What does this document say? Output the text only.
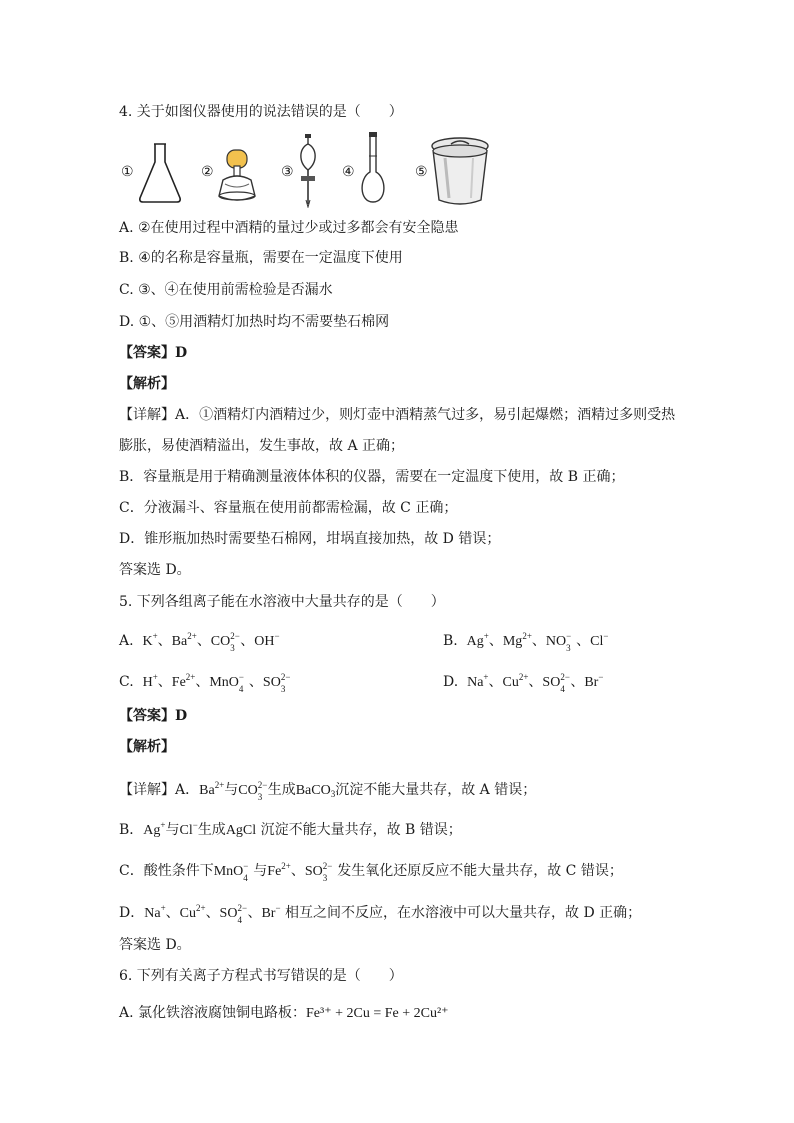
4. 关于如图仪器使用的说法错误的是（　　）
①	②	③	④	⑤
A. ②在使用过程中酒精的量过少或过多都会有安全隐患
B. ④的名称是容量瓶，需要在一定温度下使用
C. ③、④在使用前需检验是否漏水
D. ①、⑤用酒精灯加热时均不需要垫石棉网
【答案】D
【解析】
【详解】A．①酒精灯内酒精过少，则灯壶中酒精蒸气过多，易引起爆燃；酒精过多则受热
膨胀，易使酒精溢出，发生事故，故 A 正确；
B．容量瓶是用于精确测量液体体积的仪器，需要在一定温度下使用，故 B 正确；
C．分液漏斗、容量瓶在使用前都需检漏，故 C 正确；
D．锥形瓶加热时需要垫石棉网，坩埚直接加热，故 D 错误；
答案选 D。
5. 下列各组离子能在水溶液中大量共存的是（　　）
A. K+、$Ba^{2+}$、CO 2−
3 、OH−	B. Ag+、$Mg^{2+}$、NO −
3 、Cl−
C. H+、$Fe^{2+}$、MnO −
4 、SO 2−
3	D. Na+、$Cu^{2+}$、SO 2−
4 、Br−
【答案】D
【解析】
【详解】A．$Ba^{2+}$与CO 2−
3 生成BaCO$_3$沉淀不能大量共存，故 A 错误；
B．Ag+与Cl−生成AgCl 沉淀不能大量共存，故 B 错误；
C．酸性条件下MnO −
4 与$Fe^{2+}$、SO 2−
3 发生氧化还原反应不能大量共存，故 C 错误；
D．Na+、$Cu^{2+}$、SO 2−
4 、Br− 相互之间不反应，在水溶液中可以大量共存，故 D 正确；
答案选 D。
6. 下列有关离子方程式书写错误的是（　　）
A. 氯化铁溶液腐蚀铜电路板：Fe³⁺ + 2Cu = Fe + 2Cu²⁺
